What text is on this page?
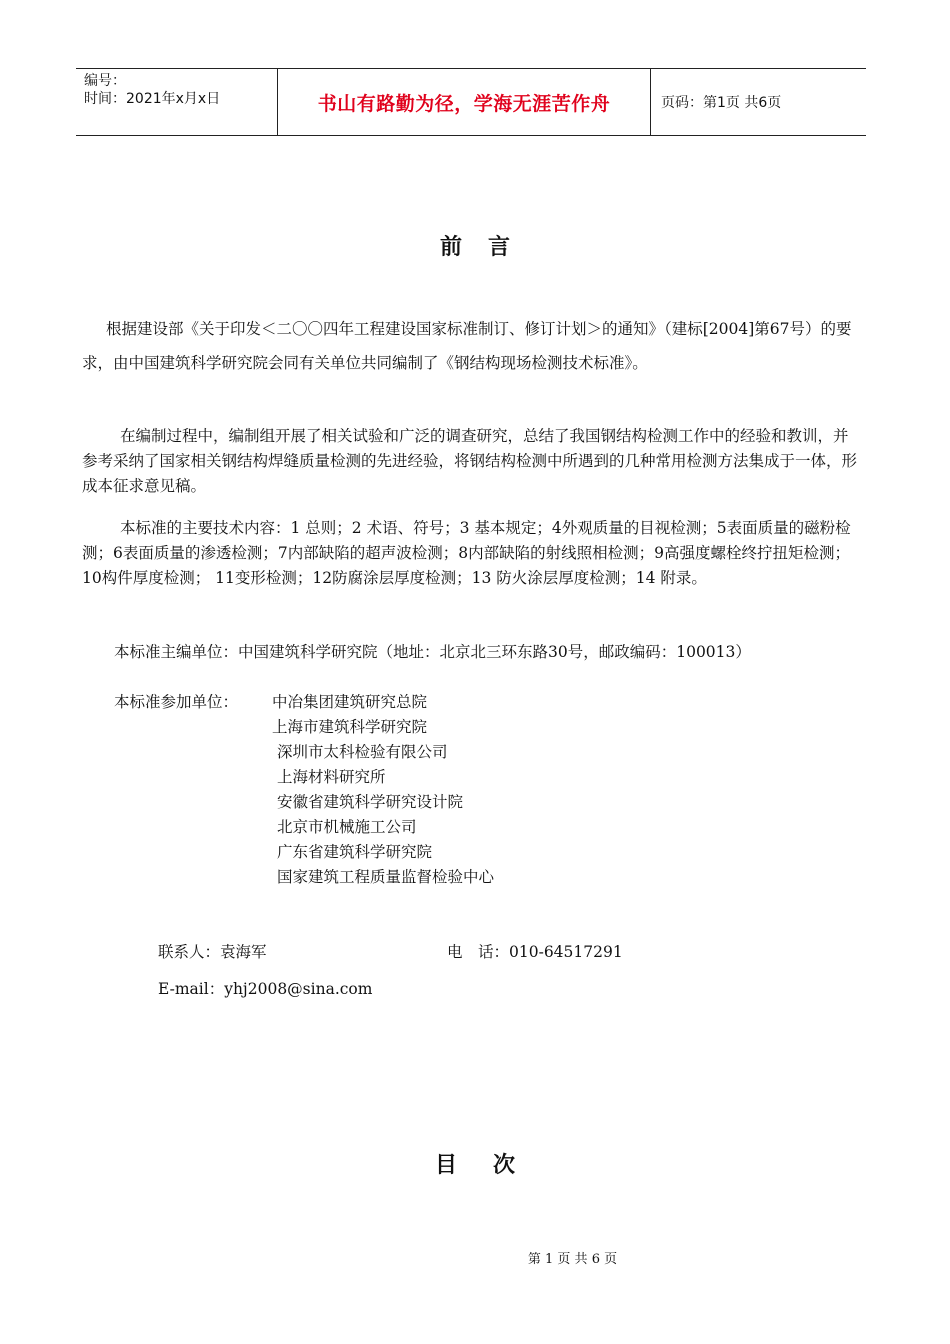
编号：
时间：2021年x月x日	书山有路勤为径，学海无涯苦作舟	页码：第1页 共6页
前言

根据建设部《关于印发＜二〇〇四年工程建设国家标准制订、修订计划＞的通知》（建标[2004]第67号）的要求，由中国建筑科学研究院会同有关单位共同编制了《钢结构现场检测技术标准》。

在编制过程中，编制组开展了相关试验和广泛的调查研究，总结了我国钢结构检测工作中的经验和教训，并参考采纳了国家相关钢结构焊缝质量检测的先进经验，将钢结构检测中所遇到的几种常用检测方法集成于一体，形成本征求意见稿。

本标准的主要技术内容：1 总则；2 术语、符号；3 基本规定；4外观质量的目视检测；5表面质量的磁粉检测；6表面质量的渗透检测；7内部缺陷的超声波检测；8内部缺陷的射线照相检测；9高强度螺栓终拧扭矩检测； 10构件厚度检测； 11变形检测；12防腐涂层厚度检测；13 防火涂层厚度检测；14 附录。

本标准主编单位：中国建筑科学研究院（地址：北京北三环东路30号，邮政编码：100013）

本标准参加单位： 中冶集团建筑研究总院
上海市建筑科学研究院
深圳市太科检验有限公司
上海材料研究所
安徽省建筑科学研究设计院
北京市机械施工公司
广东省建筑科学研究院
国家建筑工程质量监督检验中心
联系人：袁海军	电　话：010-64517291
E-mail：yhj2008@sina.com
目次
第 1 页 共 6 页
